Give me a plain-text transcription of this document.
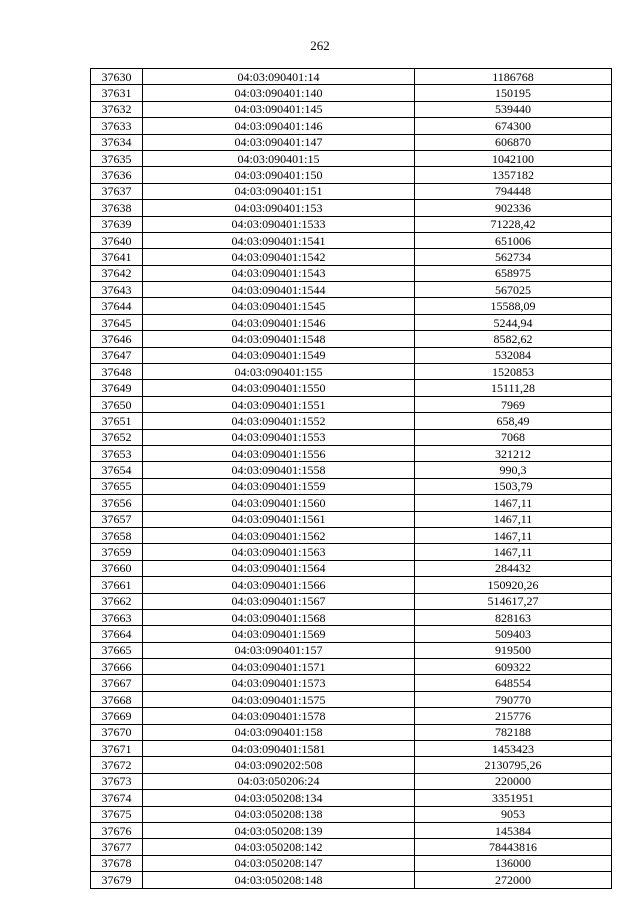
262
37630	04:03:090401:14	1186768
37631	04:03:090401:140	150195
37632	04:03:090401:145	539440
37633	04:03:090401:146	674300
37634	04:03:090401:147	606870
37635	04:03:090401:15	1042100
37636	04:03:090401:150	1357182
37637	04:03:090401:151	794448
37638	04:03:090401:153	902336
37639	04:03:090401:1533	71228,42
37640	04:03:090401:1541	651006
37641	04:03:090401:1542	562734
37642	04:03:090401:1543	658975
37643	04:03:090401:1544	567025
37644	04:03:090401:1545	15588,09
37645	04:03:090401:1546	5244,94
37646	04:03:090401:1548	8582,62
37647	04:03:090401:1549	532084
37648	04:03:090401:155	1520853
37649	04:03:090401:1550	15111,28
37650	04:03:090401:1551	7969
37651	04:03:090401:1552	658,49
37652	04:03:090401:1553	7068
37653	04:03:090401:1556	321212
37654	04:03:090401:1558	990,3
37655	04:03:090401:1559	1503,79
37656	04:03:090401:1560	1467,11
37657	04:03:090401:1561	1467,11
37658	04:03:090401:1562	1467,11
37659	04:03:090401:1563	1467,11
37660	04:03:090401:1564	284432
37661	04:03:090401:1566	150920,26
37662	04:03:090401:1567	514617,27
37663	04:03:090401:1568	828163
37664	04:03:090401:1569	509403
37665	04:03:090401:157	919500
37666	04:03:090401:1571	609322
37667	04:03:090401:1573	648554
37668	04:03:090401:1575	790770
37669	04:03:090401:1578	215776
37670	04:03:090401:158	782188
37671	04:03:090401:1581	1453423
37672	04:03:090202:508	2130795,26
37673	04:03:050206:24	220000
37674	04:03:050208:134	3351951
37675	04:03:050208:138	9053
37676	04:03:050208:139	145384
37677	04:03:050208:142	78443816
37678	04:03:050208:147	136000
37679	04:03:050208:148	272000
